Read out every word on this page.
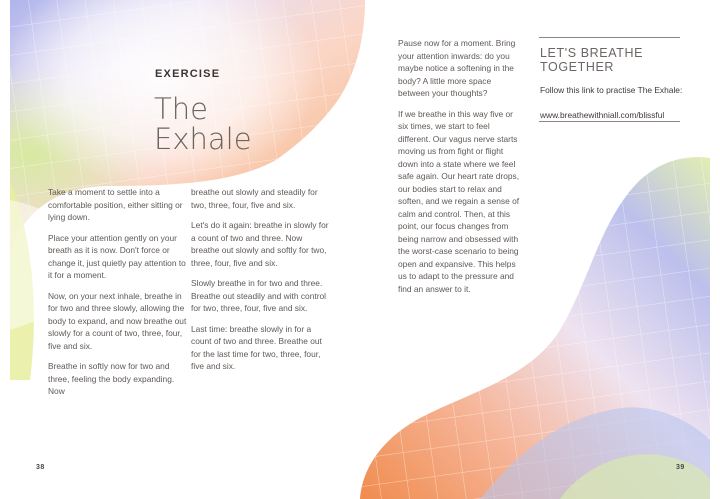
EXERCISE
The Exhale

Take a moment to settle into a comfortable position, either sitting or lying down.

Place your attention gently on your breath as it is now. Don't force or change it, just quietly pay attention to it for a moment.

Now, on your next inhale, breathe in for two and three slowly, allowing the body to expand, and now breathe out slowly for a count of two, three, four, five and six.

Breathe in softly now for two and three, feeling the body expanding. Now

breathe out slowly and steadily for two, three, four, five and six.

Let's do it again: breathe in slowly for a count of two and three. Now breathe out slowly and softly for two, three, four, five and six.

Slowly breathe in for two and three. Breathe out steadily and with control for two, three, four, five and six.

Last time: breathe slowly in for a count of two and three. Breathe out for the last time for two, three, four, five and six.

38

Pause now for a moment. Bring your attention inwards: do you maybe notice a softening in the body? A little more space between your thoughts?

If we breathe in this way five or six times, we start to feel different. Our vagus nerve starts moving us from fight or flight down into a state where we feel safe again. Our heart rate drops, our bodies start to relax and soften, and we regain a sense of calm and control. Then, at this point, our focus changes from being narrow and obsessed with the worst-case scenario to being open and expansive. This helps us to adapt to the pressure and find an answer to it.

LET'S BREATHE TOGETHER
Follow this link to practise The Exhale:
www.breathewithniall.com/blissful
39
